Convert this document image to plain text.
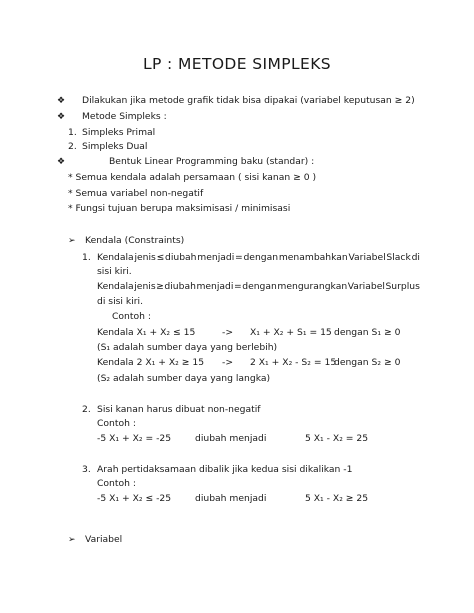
LP : METODE SIMPLEKS
❖ Dilakukan jika metode grafik tidak bisa dipakai (variabel keputusan ≥ 2)
❖ Metode Simpleks :
1. Simpleks Primal
2. Simpleks Dual
❖	Bentuk Linear Programming baku (standar) :
* Semua kendala adalah persamaan ( sisi kanan ≥ 0 )
* Semua variabel non-negatif
* Fungsi tujuan berupa maksimisasi / minimisasi
➢ Kendala (Constraints)
1. Kendala jenis ≤ diubah menjadi = dengan menambahkan Variabel Slack di
sisi kiri.
Kendala jenis ≥ diubah menjadi = dengan mengurangkan Variabel Surplus
di sisi kiri.
Contoh :
Kendala X₁ + X₂ ≤ 15	-> X₁ + X₂ + S₁ = 15 dengan S₁ ≥ 0
(S₁ adalah sumber daya yang berlebih)
Kendala 2 X₁ + X₂ ≥ 15 -> 2 X₁ + X₂ - S₂ = 15
dengan S₂ ≥ 0
(S₂ adalah sumber daya yang langka)
2. Sisi kanan harus dibuat non-negatif
Contoh :
-5 X₁ + X₂ = -25	diubah menjadi	5 X₁ - X₂ = 25
3. Arah pertidaksamaan dibalik jika kedua sisi dikalikan -1
Contoh :
-5 X₁ + X₂ ≤ -25	diubah menjadi	5 X₁ - X₂ ≥ 25
➢ Variabel
